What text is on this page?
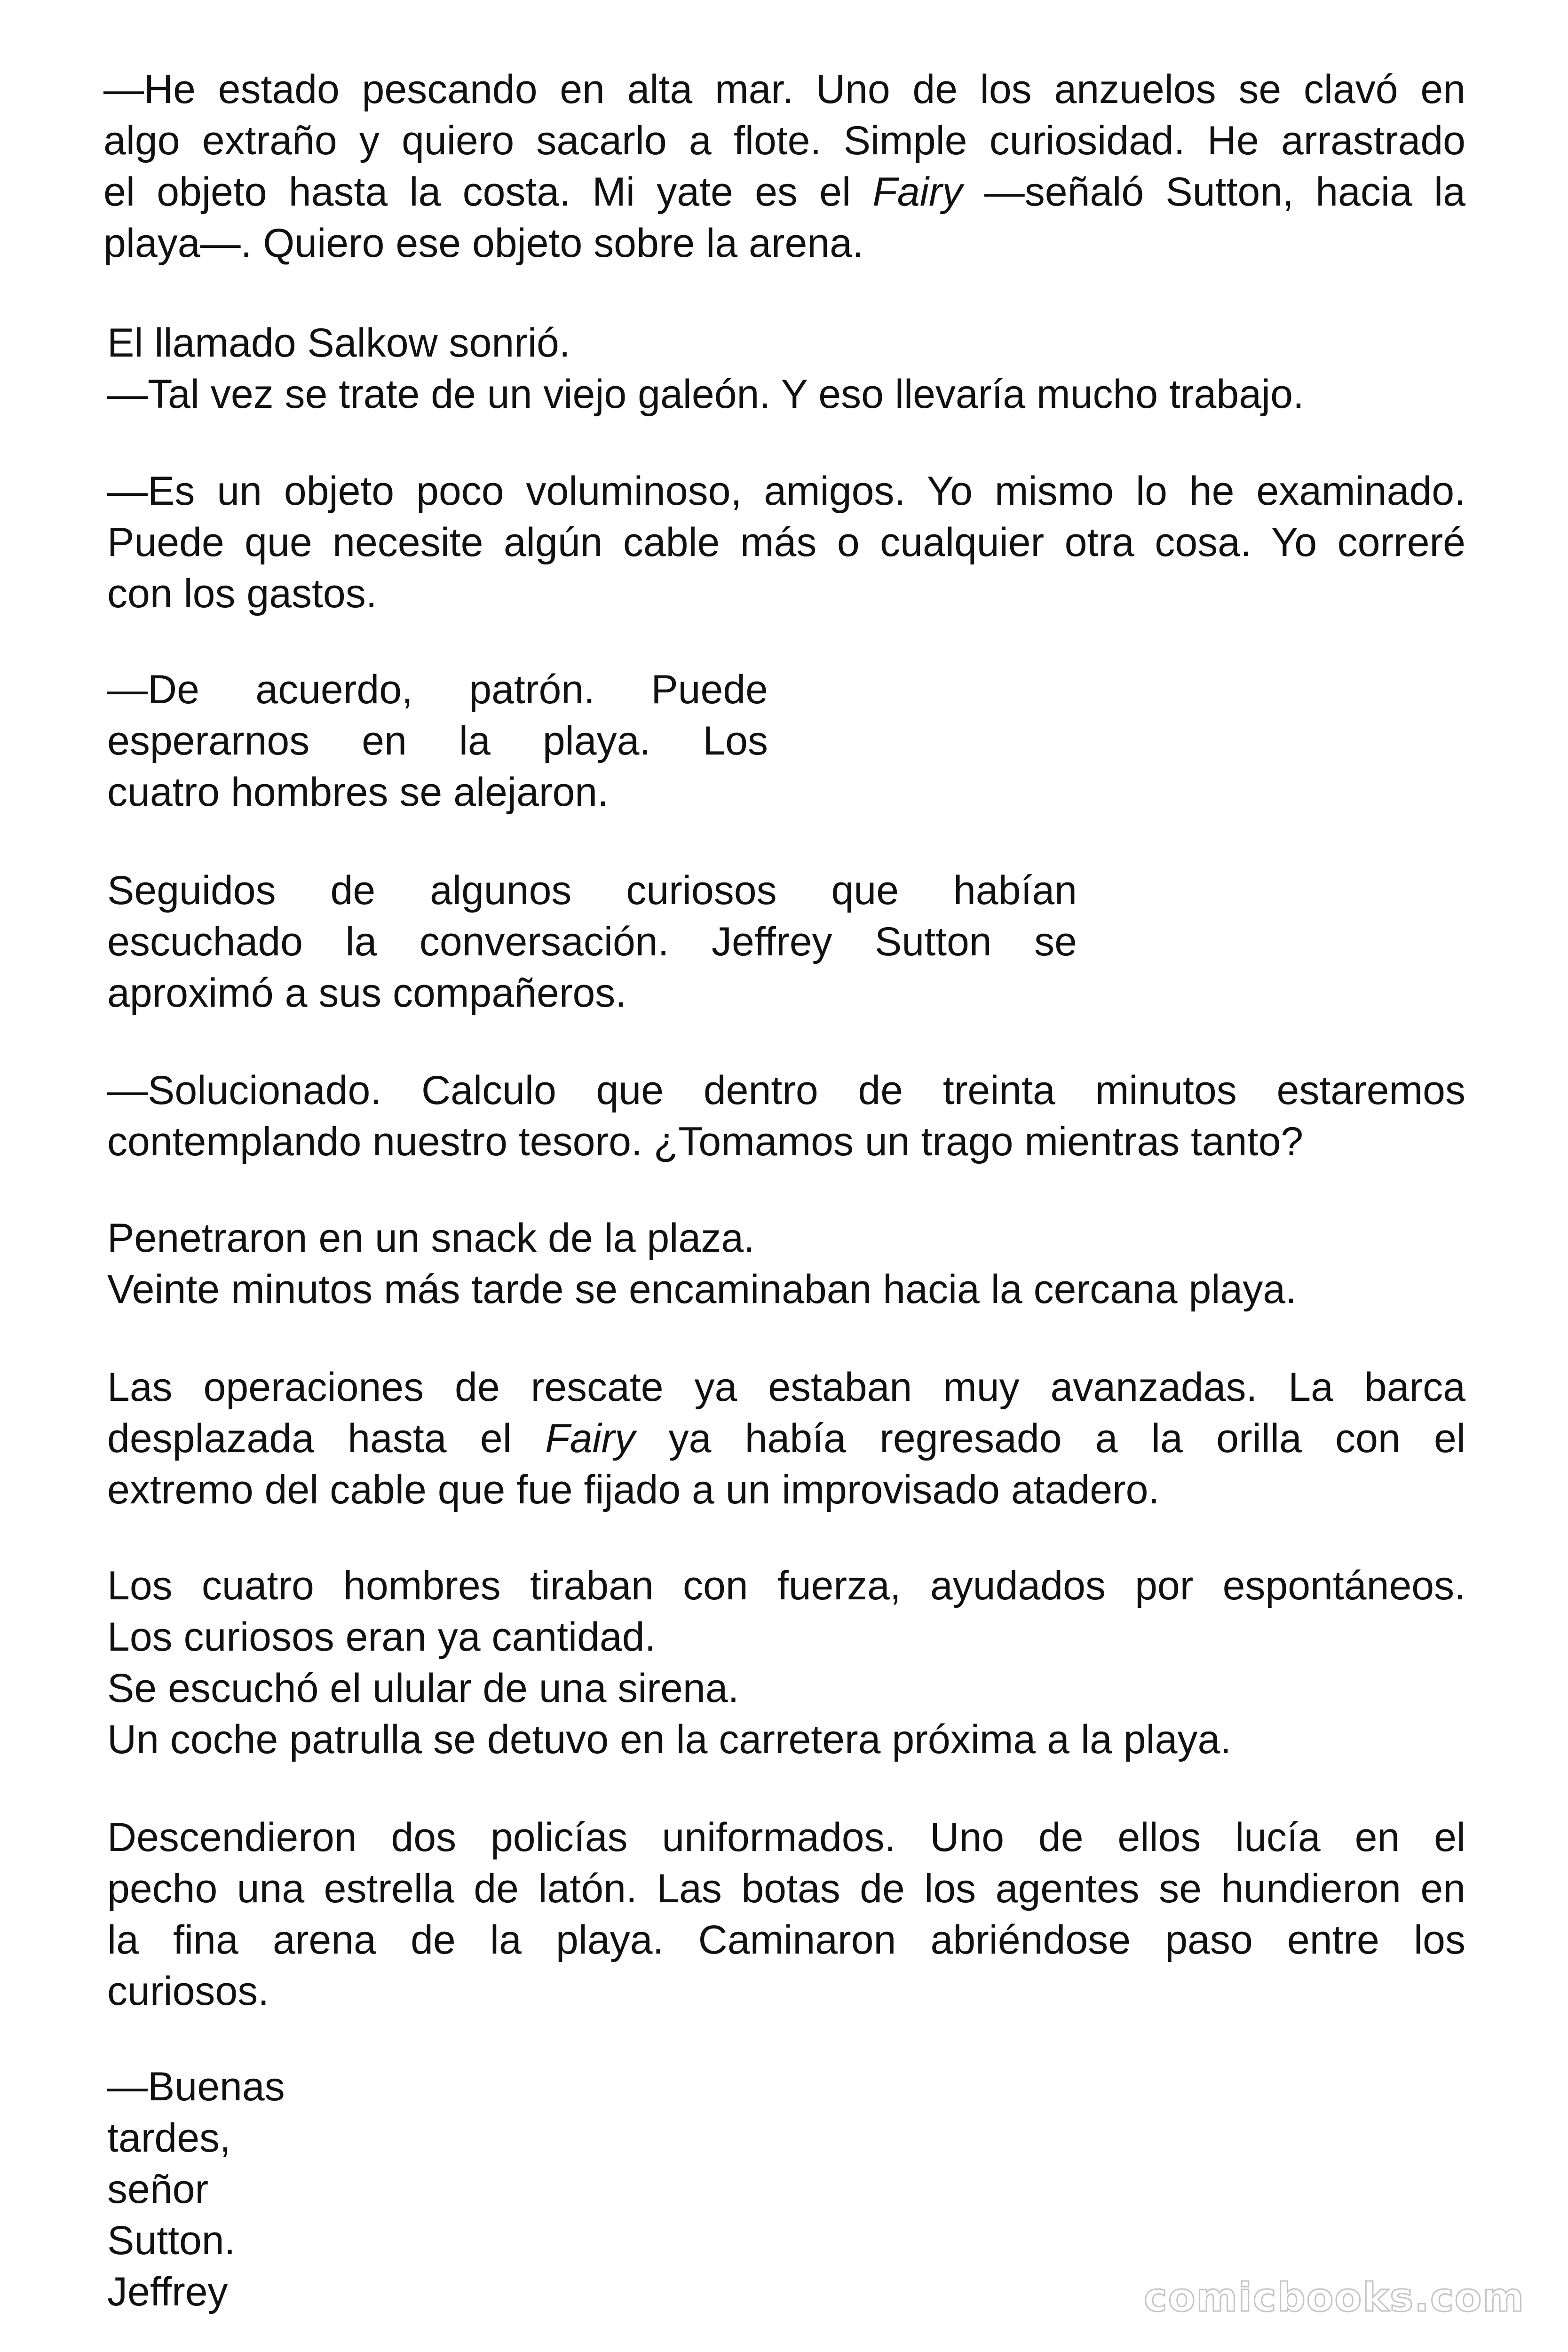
—He estado pescando en alta mar. Uno de los anzuelos se clavó en
algo extraño y quiero sacarlo a flote. Simple curiosidad. He arrastrado
el objeto hasta la costa. Mi yate es el Fairy —señaló Sutton, hacia la
playa—. Quiero ese objeto sobre la arena.

El llamado Salkow sonrió.
—Tal vez se trate de un viejo galeón. Y eso llevaría mucho trabajo.

—Es un objeto poco voluminoso, amigos. Yo mismo lo he examinado.
Puede que necesite algún cable más o cualquier otra cosa. Yo correré
con los gastos.

—De acuerdo, patrón. Puede
esperarnos en la playa. Los
cuatro hombres se alejaron.

Seguidos de algunos curiosos que habían
escuchado la conversación. Jeffrey Sutton se
aproximó a sus compañeros.

—Solucionado. Calculo que dentro de treinta minutos estaremos
contemplando nuestro tesoro. ¿Tomamos un trago mientras tanto?

Penetraron en un snack de la plaza.
Veinte minutos más tarde se encaminaban hacia la cercana playa.

Las operaciones de rescate ya estaban muy avanzadas. La barca
desplazada hasta el Fairy ya había regresado a la orilla con el
extremo del cable que fue fijado a un improvisado atadero.

Los cuatro hombres tiraban con fuerza, ayudados por espontáneos.
Los curiosos eran ya cantidad.
Se escuchó el ulular de una sirena.
Un coche patrulla se detuvo en la carretera próxima a la playa.

Descendieron dos policías uniformados. Uno de ellos lucía en el
pecho una estrella de latón. Las botas de los agentes se hundieron en
la fina arena de la playa. Caminaron abriéndose paso entre los
curiosos.

—Buenas
tardes,
señor
Sutton.
Jeffrey	comicbooks.com
